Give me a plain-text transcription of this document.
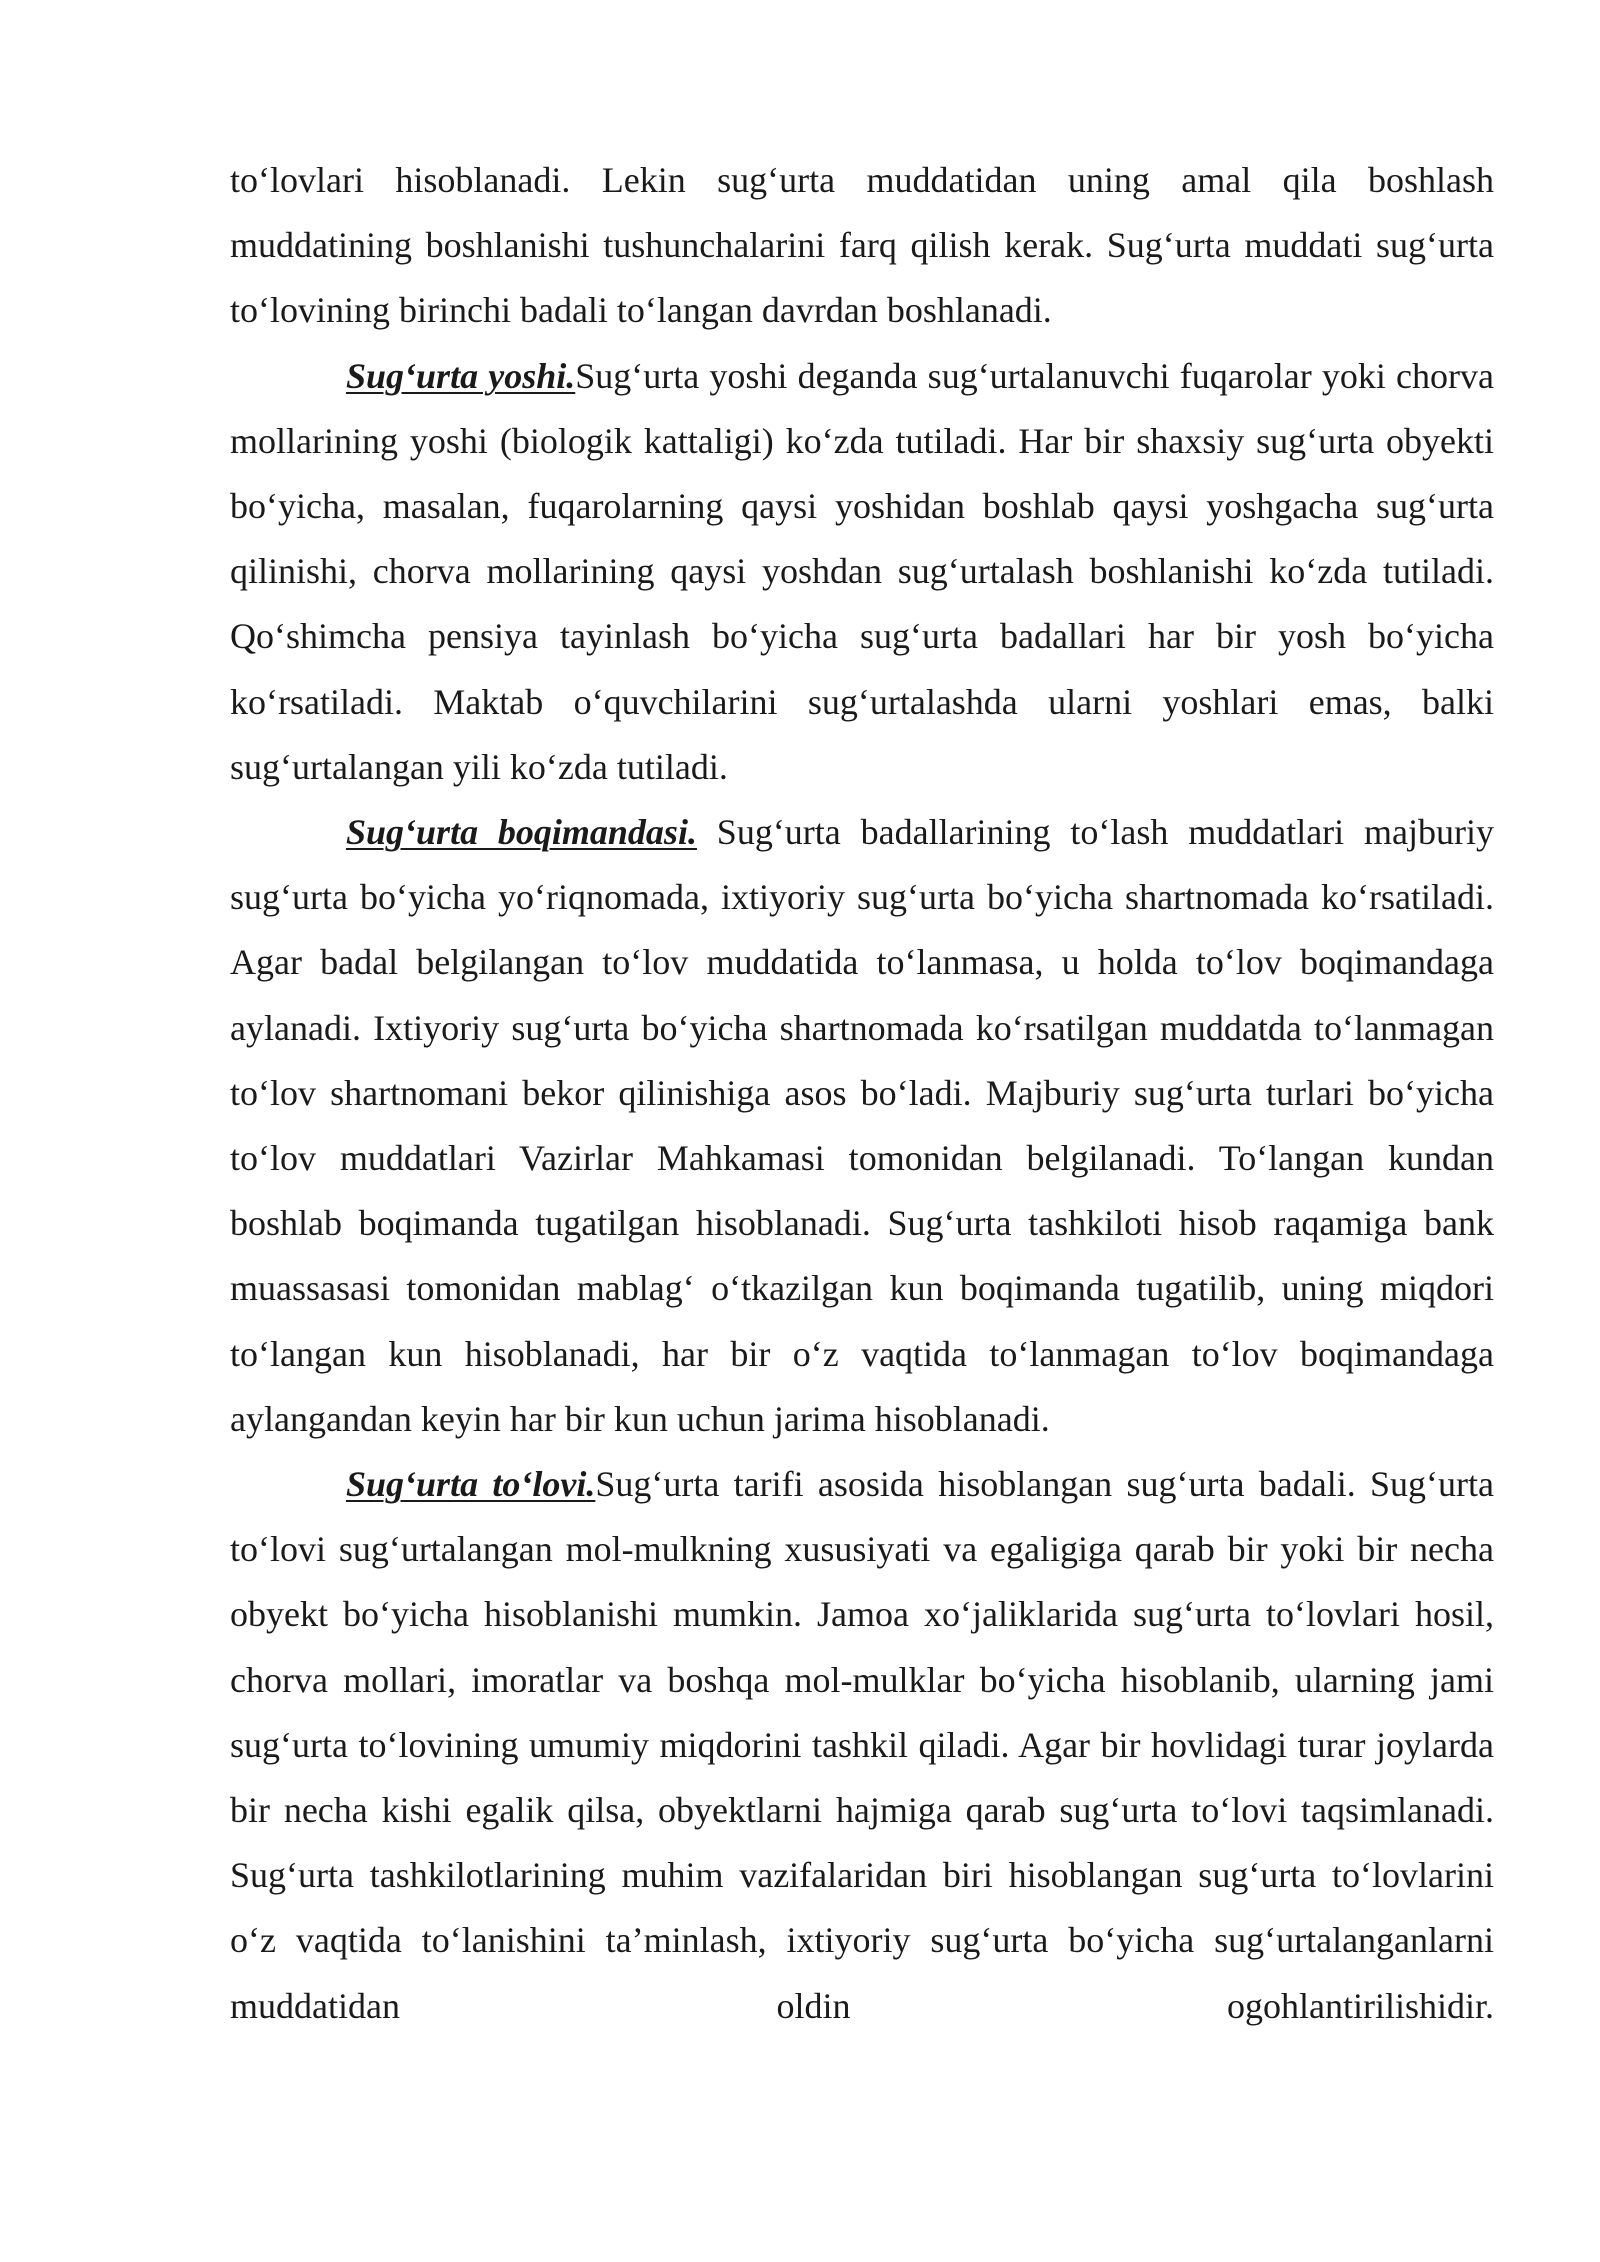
to‘lovlari hisoblanadi. Lekin sug‘urta muddatidan uning amal qila boshlash muddatining boshlanishi tushunchalarini farq qilish kerak. Sug‘urta muddati sug‘urta to‘lovining birinchi badali to‘langan davrdan boshlanadi.

Sug‘urta yoshi.Sug‘urta yoshi deganda sug‘urtalanuvchi fuqarolar yoki chorva mollarining yoshi (biologik kattaligi) ko‘zda tutiladi. Har bir shaxsiy sug‘urta obyekti bo‘yicha, masalan, fuqarolarning qaysi yoshidan boshlab qaysi yoshgacha sug‘urta qilinishi, chorva mollarining qaysi yoshdan sug‘urtalash boshlanishi ko‘zda tutiladi. Qo‘shimcha pensiya tayinlash bo‘yicha sug‘urta badallari har bir yosh bo‘yicha ko‘rsatiladi. Maktab o‘quvchilarini sug‘urtalashda ularni yoshlari emas, balki sug‘urtalangan yili ko‘zda tutiladi.

Sug‘urta boqimandasi. Sug‘urta badallarining to‘lash muddatlari majburiy sug‘urta bo‘yicha yo‘riqnomada, ixtiyoriy sug‘urta bo‘yicha shartnomada ko‘rsatiladi. Agar badal belgilangan to‘lov muddatida to‘lanmasa, u holda to‘lov boqimandaga aylanadi. Ixtiyoriy sug‘urta bo‘yicha shartnomada ko‘rsatilgan muddatda to‘lanmagan to‘lov shartnomani bekor qilinishiga asos bo‘ladi. Majburiy sug‘urta turlari bo‘yicha to‘lov muddatlari Vazirlar Mahkamasi tomonidan belgilanadi. To‘langan kundan boshlab boqimanda tugatilgan hisoblanadi. Sug‘urta tashkiloti hisob raqamiga bank muassasasi tomonidan mablag‘ o‘tkazilgan kun boqimanda tugatilib, uning miqdori to‘langan kun hisoblanadi, har bir o‘z vaqtida to‘lanmagan to‘lov boqimandaga aylangandan keyin har bir kun uchun jarima hisoblanadi.

Sug‘urta to‘lovi.Sug‘urta tarifi asosida hisoblangan sug‘urta badali. Sug‘urta to‘lovi sug‘urtalangan mol-mulkning xususiyati va egaligiga qarab bir yoki bir necha obyekt bo‘yicha hisoblanishi mumkin. Jamoa xo‘jaliklarida sug‘urta to‘lovlari hosil, chorva mollari, imoratlar va boshqa mol-mulklar bo‘yicha hisoblanib, ularning jami sug‘urta to‘lovining umumiy miqdorini tashkil qiladi. Agar bir hovlidagi turar joylarda bir necha kishi egalik qilsa, obyektlarni hajmiga qarab sug‘urta to‘lovi taqsimlanadi. Sug‘urta tashkilotlarining muhim vazifalaridan biri hisoblangan sug‘urta to‘lovlarini o‘z vaqtida to‘lanishini ta’minlash, ixtiyoriy sug‘urta bo‘yicha sug‘urtalanganlarni muddatidan oldin ogohlantirilishidir.
